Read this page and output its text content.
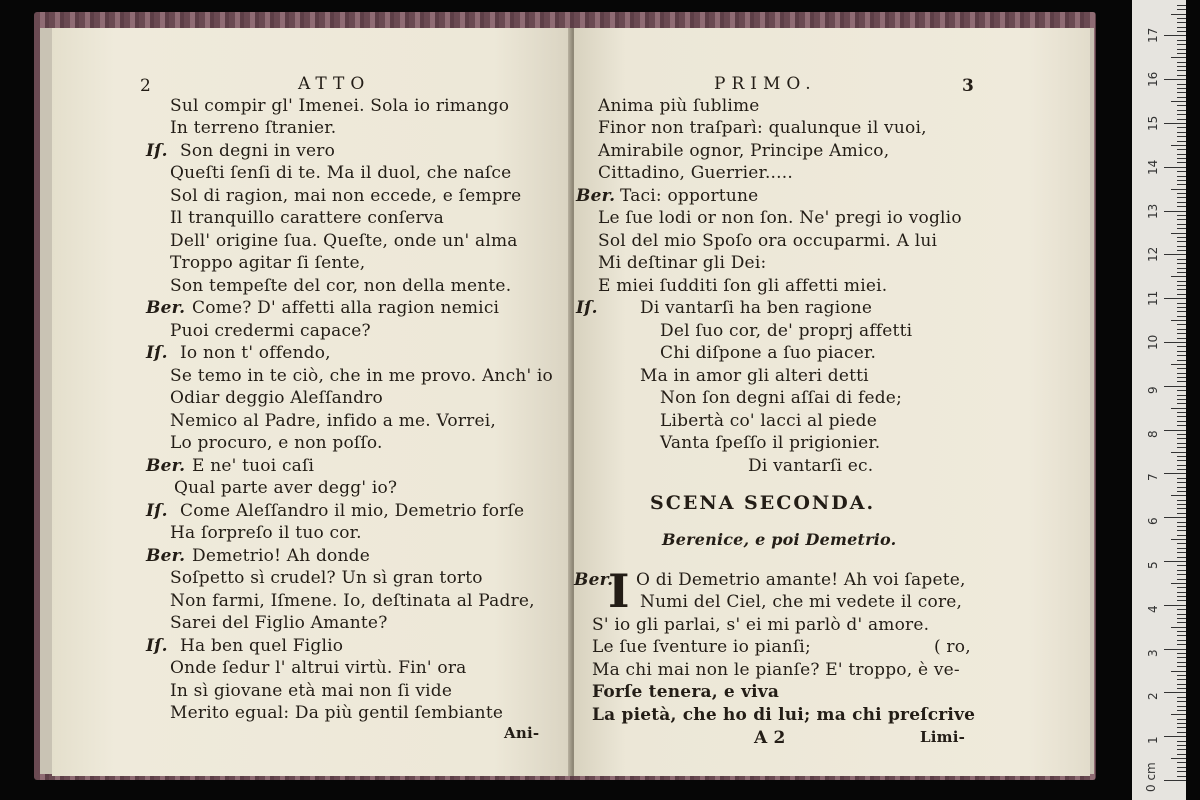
2	ATTO
Sul compir gl' Imenei. Sola io rimango
In terreno ſtranier.
Iſ. Son degni in vero
Queſti ſenſi di te. Ma il duol, che naſce
Sol di ragion, mai non eccede, e ſempre
Il tranquillo carattere conſerva
Dell' origine ſua. Queſte, onde un' alma
Troppo agitar ſi ſente,
Son tempeſte del cor, non della mente.
Ber. Come? D' affetti alla ragion nemici
Puoi credermi capace?
Iſ. Io non t' offendo,
Se temo in te ciò, che in me provo. Anch' io
Odiar deggio Aleſſandro
Nemico al Padre, infido a me. Vorrei,
Lo procuro, e non poſſo.
Ber. E ne' tuoi caſi
Qual parte aver degg' io?
Iſ. Come Aleſſandro il mio, Demetrio forſe
Ha ſorpreſo il tuo cor.
Ber. Demetrio! Ah donde
Soſpetto sì crudel? Un sì gran torto
Non farmi, Iſmene. Io, deſtinata al Padre,
Sarei del Figlio Amante?
Iſ. Ha ben quel Figlio
Onde ſedur l' altrui virtù. Fin' ora
In sì giovane età mai non ſi vide
Merito egual: Da più gentil ſembiante
Ani-
PRIMO.	3
Anima più ſublime
Finor non traſparì: qualunque il vuoi,
Amirabile ognor, Principe Amico,
Cittadino, Guerrier.....
Ber. Taci: opportune
Le ſue lodi or non ſon. Ne' pregi io voglio
Sol del mio Spoſo ora occuparmi. A lui
Mi deſtinar gli Dei:
E miei ſudditi ſon gli affetti miei.
Iſ. Di vantarſi ha ben ragione
Del ſuo cor, de' proprj affetti
Chi diſpone a ſuo piacer.
Ma in amor gli alteri detti
Non ſon degni aſſai di fede;
Libertà co' lacci al piede
Vanta ſpeſſo il prigionier.
Di vantarſi ec.
SCENA SECONDA.
Berenice, e poi Demetrio.
Ber.
I O di Demetrio amante! Ah voi ſapete,
Numi del Ciel, che mi vedete il core,
S' io gli parlai, s' ei mi parlò d' amore.
Le ſue ſventure io pianſi;	( ro,
Ma chi mai non le pianſe? E' troppo, è ve-
Forſe tenera, e viva
La pietà, che ho di lui; ma chi preſcrive
A 2	Limi-
0 cm
1
2
3
4
5
6
7
8
9
10
11
12
13
14
15
16
17
